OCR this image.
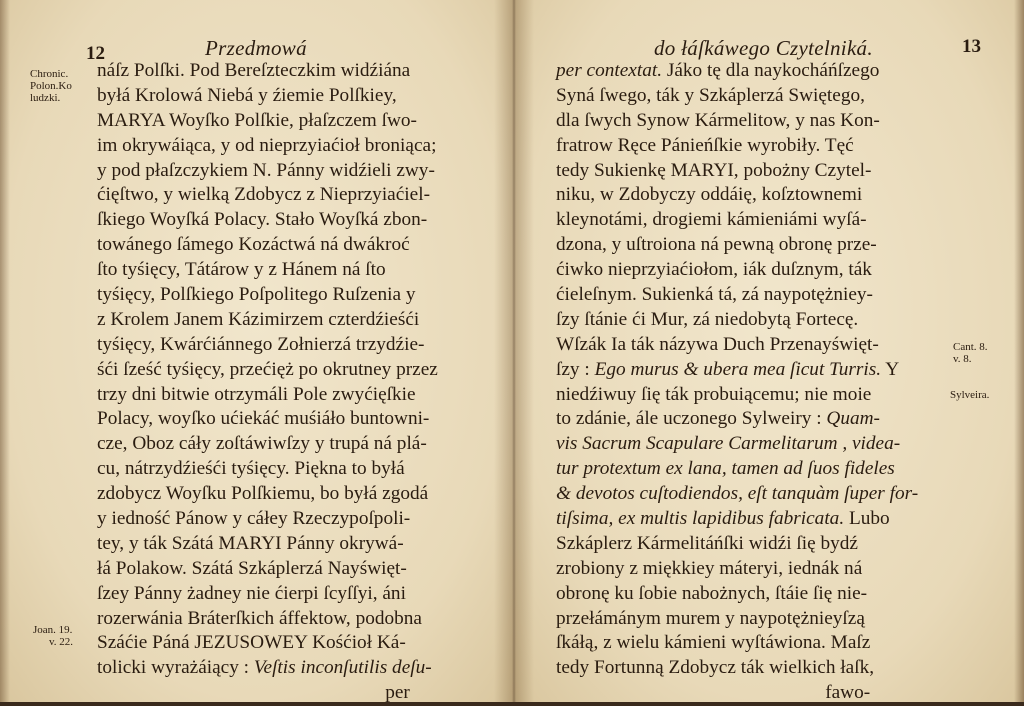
12	Przedmowá
Chronic.
Polon.Ko
ludzki.
Joan. 19.
v. 22.
náſz Polſki. Pod Bereſzteczkim widźiána
byłá Krolowá Niebá y źiemie Polſkiey,
MARYA Woyſko Polſkie, płaſzczem ſwo-
im okrywáiąca, y od nieprzyiaćioł broniąca;
y pod płaſzczykiem N. Pánny widźieli zwy-
ćięſtwo, y wielką Zdobycz z Nieprzyiaćiel-
ſkiego Woyſká Polacy. Stało Woyſká zbon-
towánego ſámego Kozáctwá ná dwákroć
ſto tyśięcy, Tátárow y z Hánem ná ſto
tyśięcy, Polſkiego Poſpolitego Ruſzenia y
z Krolem Janem Kázimirzem czterdźieśći
tyśięcy, Kwárćiánnego Zołnierzá trzydźie-
śći ſześć tyśięcy, przećięż po okrutney przez
trzy dni bitwie otrzymáli Pole zwyćięſkie
Polacy, woyſko ućiekáć muśiáło buntowni-
cze, Oboz cáły zoſtáwiwſzy y trupá ná plá-
cu, nátrzydźieśći tyśięcy. Piękna to byłá
zdobycz Woyſku Polſkiemu, bo byłá zgodá
y iedność Pánow y cáłey Rzeczypoſpoli-
tey, y ták Szátá MARYI Pánny okrywá-
łá Polakow. Szátá Szkáplerzá Nayświęt-
ſzey Pánny żadney nie ćierpi ſcyſſyi, áni
rozerwánia Bráterſkich áffektow, podobna
Száćie Páná JEZUSOWEY Kośćioł Ká-
tolicki wyrażáiący : Veſtis inconſutilis deſu-
per
do łáſkáwego Czytelniká.	13
Cant. 8.
v. 8.
Sylveira.
per contextat. Jáko tę dla naykocháńſzego
Syná ſwego, ták y Szkáplerzá Swiętego,
dla ſwych Synow Kármelitow, y nas Kon-
fratrow Ręce Pánieńſkie wyrobiły. Tęć
tedy Sukienkę MARYI, pobożny Czytel-
niku, w Zdobyczy oddáię, koſztownemi
kleynotámi, drogiemi kámieniámi wyſá-
dzona, y uſtroiona ná pewną obronę prze-
ćiwko nieprzyiaćiołom, iák duſznym, ták
ćieleſnym. Sukienká tá, zá naypotężniey-
ſzy ſtánie ći Mur, zá niedobytą Fortecę.
Wſzák Ia ták názywa Duch Przenayświęt-
ſzy : Ego murus & ubera mea ſicut Turris. Y
niedźiwuy ſię ták probuiącemu; nie moie
to zdánie, ále uczonego Sylweiry : Quam-
vis Sacrum Scapulare Carmelitarum , videa-
tur protextum ex lana, tamen ad ſuos fideles
& devotos cuſtodiendos, eſt tanquàm ſuper for-
tiſsima, ex multis lapidibus fabricata. Lubo
Szkáplerz Kármelitáńſki widźi ſię bydź
zrobiony z miękkiey máteryi, iednák ná
obronę ku ſobie nabożnych, ſtáie ſię nie-
przełámánym murem y naypotężnieyſzą
ſkáłą, z wielu kámieni wyſtáwiona. Maſz
tedy Fortunną Zdobycz ták wielkich łaſk,
fawo-
